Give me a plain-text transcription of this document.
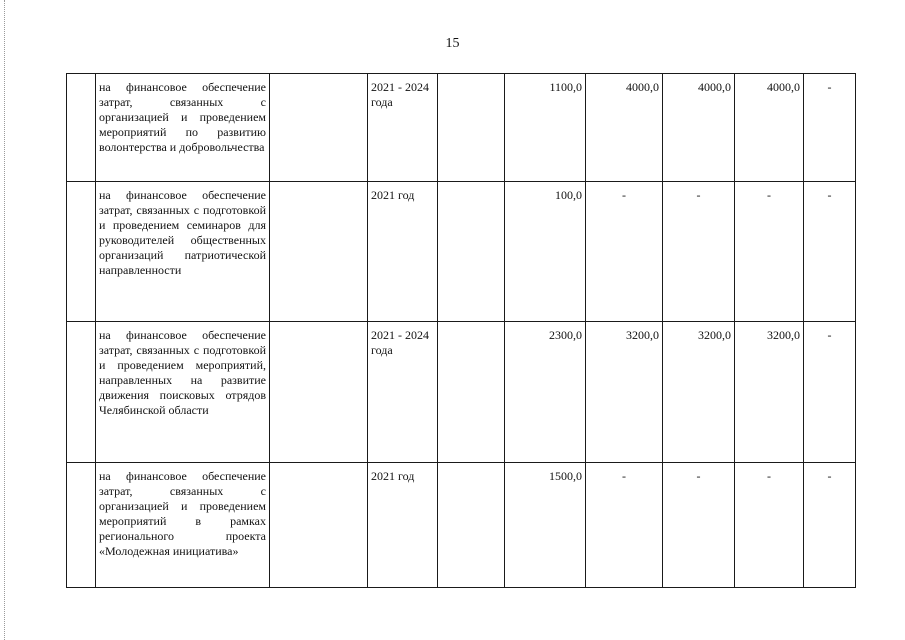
15
	на финансовое обеспечение затрат, связанных с организацией и проведением мероприятий по развитию волонтерства и добровольчества		2021 - 2024 года		1100,0	4000,0	4000,0	4000,0	-
	на финансовое обеспечение затрат, связанных с подготовкой и проведением семинаров для руководителей общественных организаций патриотической направленности		2021 год		100,0	-	-	-	-
	на финансовое обеспечение затрат, связанных с подготовкой и проведением мероприятий, направленных на развитие движения поисковых отрядов Челябинской области		2021 - 2024 года		2300,0	3200,0	3200,0	3200,0	-
	на финансовое обеспечение затрат, связанных с организацией и проведением мероприятий в рамках регионального проекта «Молодежная инициатива»		2021 год		1500,0	-	-	-	-
